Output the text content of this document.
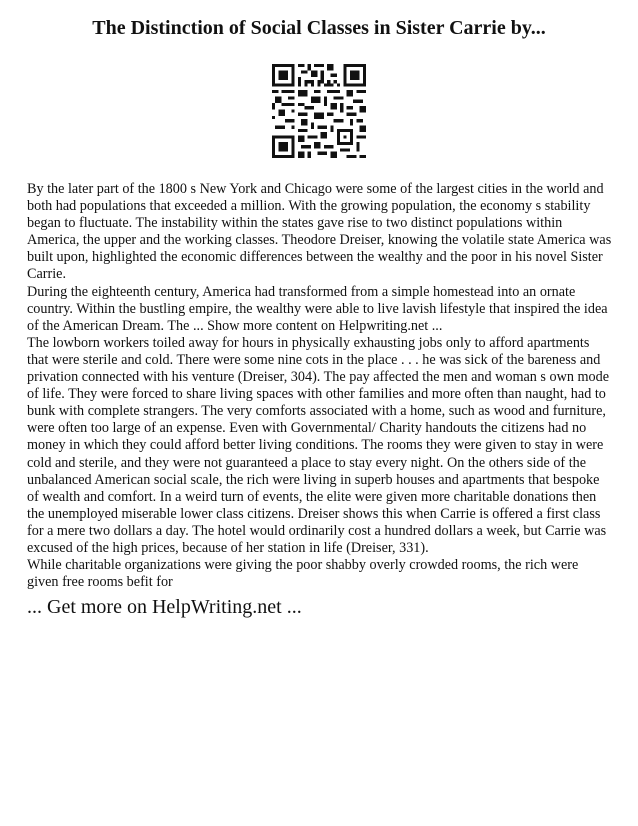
The Distinction of Social Classes in Sister Carrie by...

By the later part of the 1800 s New York and Chicago were some of the largest cities in the world and both had populations that exceeded a million. With the growing population, the economy s stability began to fluctuate. The instability within the states gave rise to two distinct populations within America, the upper and the working classes. Theodore Dreiser, knowing the volatile state America was built upon, highlighted the economic differences between the wealthy and the poor in his novel Sister Carrie.

During the eighteenth century, America had transformed from a simple homestead into an ornate country. Within the bustling empire, the wealthy were able to live lavish lifestyle that inspired the idea of the American Dream. The ... Show more content on Helpwriting.net ...

The lowborn workers toiled away for hours in physically exhausting jobs only to afford apartments that were sterile and cold. There were some nine cots in the place . . . he was sick of the bareness and privation connected with his venture (Dreiser, 304). The pay affected the men and woman s own mode of life. They were forced to share living spaces with other families and more often than naught, had to bunk with complete strangers. The very comforts associated with a home, such as wood and furniture, were often too large of an expense. Even with Governmental/ Charity handouts the citizens had no money in which they could afford better living conditions. The rooms they were given to stay in were cold and sterile, and they were not guaranteed a place to stay every night. On the others side of the unbalanced American social scale, the rich were living in superb houses and apartments that bespoke of wealth and comfort. In a weird turn of events, the elite were given more charitable donations then the unemployed miserable lower class citizens. Dreiser shows this when Carrie is offered a first class for a mere two dollars a day. The hotel would ordinarily cost a hundred dollars a week, but Carrie was excused of the high prices, because of her station in life (Dreiser, 331).

While charitable organizations were giving the poor shabby overly crowded rooms, the rich were given free rooms befit for

... Get more on HelpWriting.net ...
